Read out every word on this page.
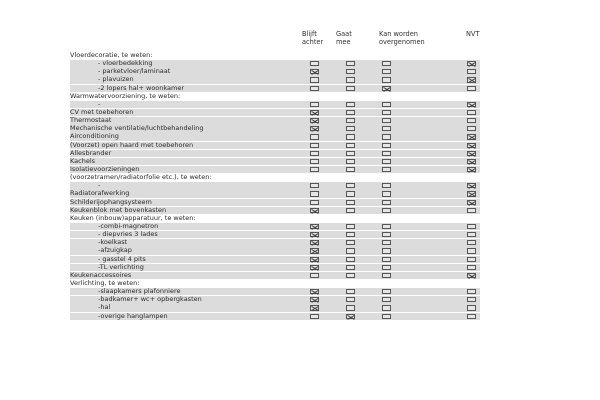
Blijft
achter
Gaat
mee
Kan worden
overgenomen
NVT
Vloerdecoratie, te weten:
- vloerbedekking
- parketvloer/laminaat
- plavuizen
-2 lopers hal+ woonkamer
Warmwatervoorziening, te weten:
-
CV met toebehoren
Thermostaat
Mechanische ventilatie/luchtbehandeling
Airconditioning
(Voorzet) open haard met toebehoren
Allesbrander
Kachels
Isolatievoorzieningen
(voorzetramen/radiatorfolie etc.), te weten:
-
Radiatorafwerking
Schilderijophangsysteem
Keukenblok met bovenkasten
Keuken (inbouw)apparatuur, te weten:
-combi-magnetron
- diepvries 3 lades
-koelkast
-afzuigkap
- gasstel 4 pits
-TL verlichting
Keukenaccessoires
Verlichting, te weten:
-slaapkamers plafonniere
-badkamer+ wc+ opbergkasten
-hal
-overige hanglampen
